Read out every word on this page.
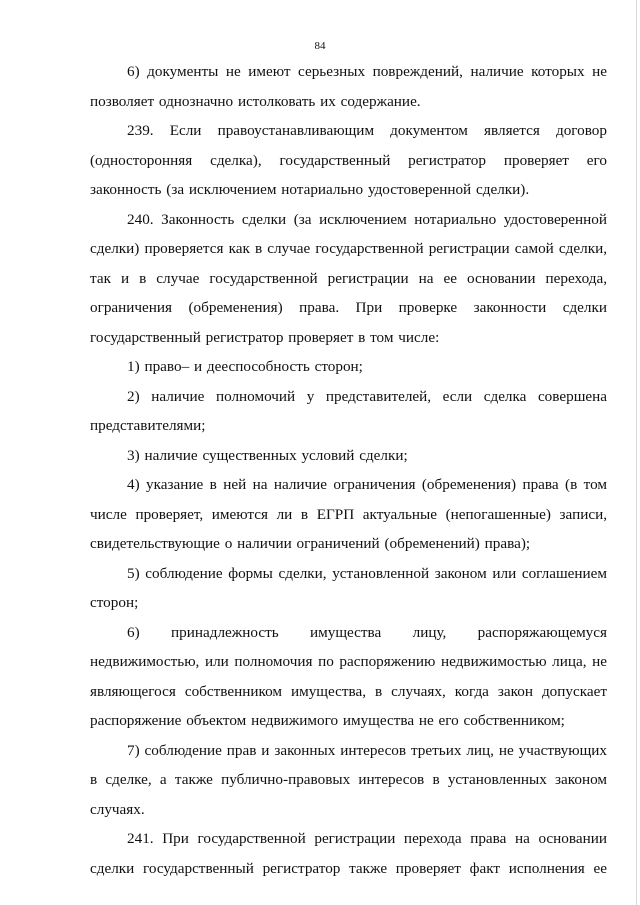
84

6) документы не имеют серьезных повреждений, наличие которых не позволяет однозначно истолковать их содержание.

239. Если правоустанавливающим документом является договор (односторонняя сделка), государственный регистратор проверяет его законность (за исключением нотариально удостоверенной сделки).

240. Законность сделки (за исключением нотариально удостоверенной сделки) проверяется как в случае государственной регистрации самой сделки, так и в случае государственной регистрации на ее основании перехода, ограничения (обременения) права. При проверке законности сделки государственный регистратор проверяет в том числе:

1) право– и дееспособность сторон;

2) наличие полномочий у представителей, если сделка совершена представителями;

3) наличие существенных условий сделки;

4) указание в ней на наличие ограничения (обременения) права (в том числе проверяет, имеются ли в ЕГРП актуальные (непогашенные) записи, свидетельствующие о наличии ограничений (обременений) права);

5) соблюдение формы сделки, установленной законом или соглашением сторон;

6) принадлежность имущества лицу, распоряжающемуся недвижимостью, или полномочия по распоряжению недвижимостью лица, не являющегося собственником имущества, в случаях, когда закон допускает распоряжение объектом недвижимого имущества не его собственником;

7) соблюдение прав и законных интересов третьих лиц, не участвующих в сделке, а также публично-правовых интересов в установленных законом случаях.

241. При государственной регистрации перехода права на основании сделки государственный регистратор также проверяет факт исполнения ее
